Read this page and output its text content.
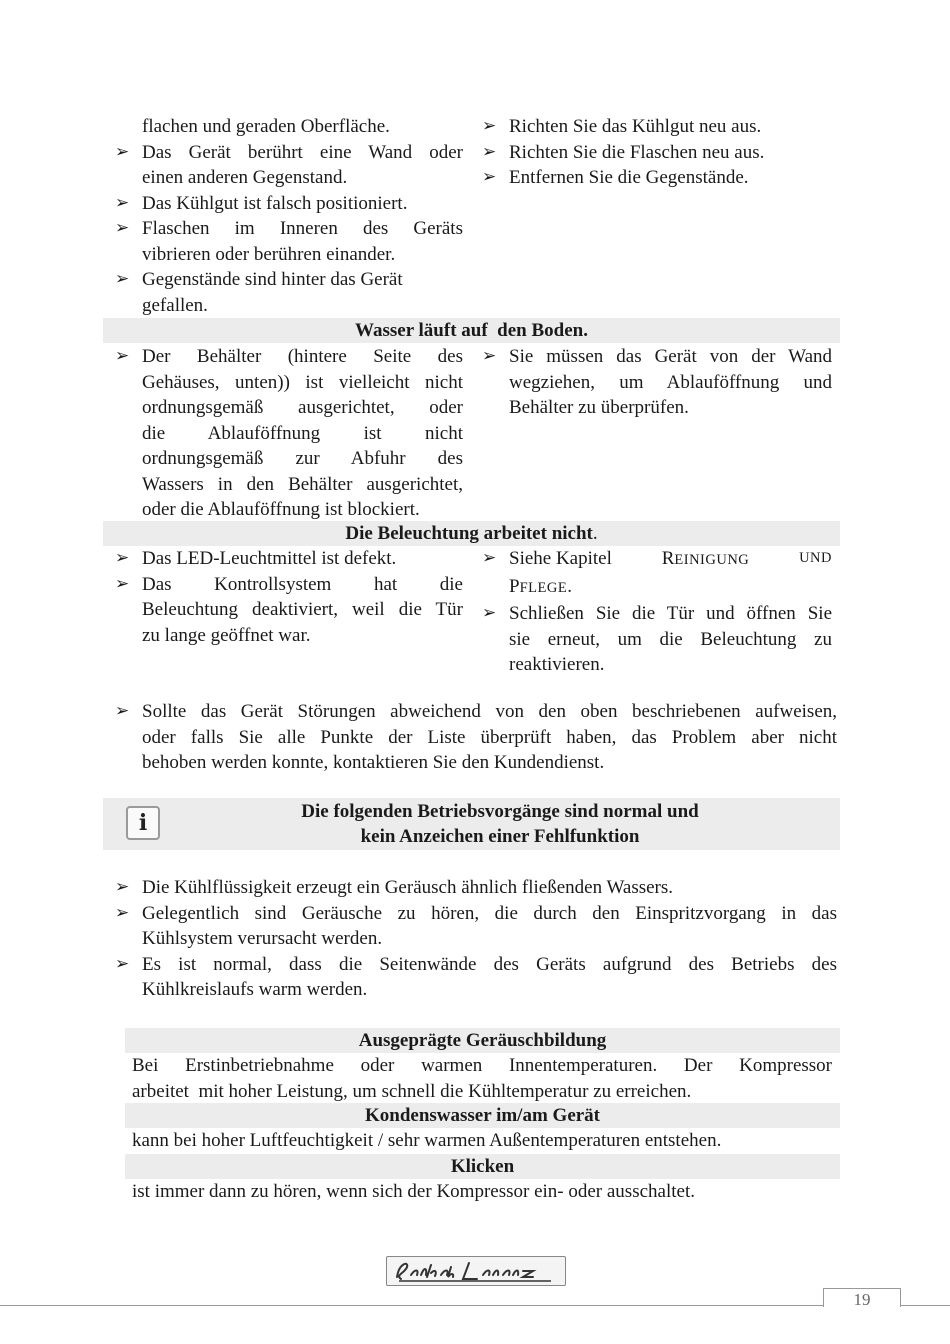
flachen und geraden Oberfläche.
➢ Das Gerät berührt eine Wand oder
einen anderen Gegenstand.
➢ Das Kühlgut ist falsch positioniert.
➢ Flaschen im Inneren des Geräts
vibrieren oder berühren einander.
➢ Gegenstände sind hinter das Gerät
gefallen.
➢ Richten Sie das Kühlgut neu aus.
➢ Richten Sie die Flaschen neu aus.
➢ Entfernen Sie die Gegenstände.
Wasser läuft auf  den Boden.
➢ Der Behälter (hintere Seite des
Gehäuses, unten)) ist vielleicht nicht
ordnungsgemäß ausgerichtet, oder
die Ablauföffnung ist nicht
ordnungsgemäß zur Abfuhr des
Wassers in den Behälter ausgerichtet,
oder die Ablauföffnung ist blockiert.
➢ Sie müssen das Gerät von der Wand
wegziehen, um Ablauföffnung und
Behälter zu überprüfen.
Die Beleuchtung arbeitet nicht.
➢ Das LED-Leuchtmittel ist defekt.
➢ Das Kontrollsystem hat die
Beleuchtung deaktiviert, weil die Tür
zu lange geöffnet war.
➢ Siehe Kapitel	REINIGUNG	UND
PFLEGE.
➢ Schließen Sie die Tür und öffnen Sie
sie erneut, um die Beleuchtung zu
reaktivieren.
➢ Sollte das Gerät Störungen abweichend von den oben beschriebenen aufweisen,
oder falls Sie alle Punkte der Liste überprüft haben, das Problem aber nicht
behoben werden konnte, kontaktieren Sie den Kundendienst.
i	Die folgenden Betriebsvorgänge sind normal und
kein Anzeichen einer Fehlfunktion
➢ Die Kühlflüssigkeit erzeugt ein Geräusch ähnlich fließenden Wassers.
➢ Gelegentlich sind Geräusche zu hören, die durch den Einspritzvorgang in das
Kühlsystem verursacht werden.
➢ Es ist normal, dass die Seitenwände des Geräts aufgrund des Betriebs des
Kühlkreislaufs warm werden.
Ausgeprägte Geräuschbildung
Bei Erstinbetriebnahme oder warmen Innentemperaturen. Der Kompressor
arbeitet  mit hoher Leistung, um schnell die Kühltemperatur zu erreichen.
Kondenswasser im/am Gerät
kann bei hoher Luftfeuchtigkeit / sehr warmen Außentemperaturen entstehen.
Klicken
ist immer dann zu hören, wenn sich der Kompressor ein- oder ausschaltet.
19
